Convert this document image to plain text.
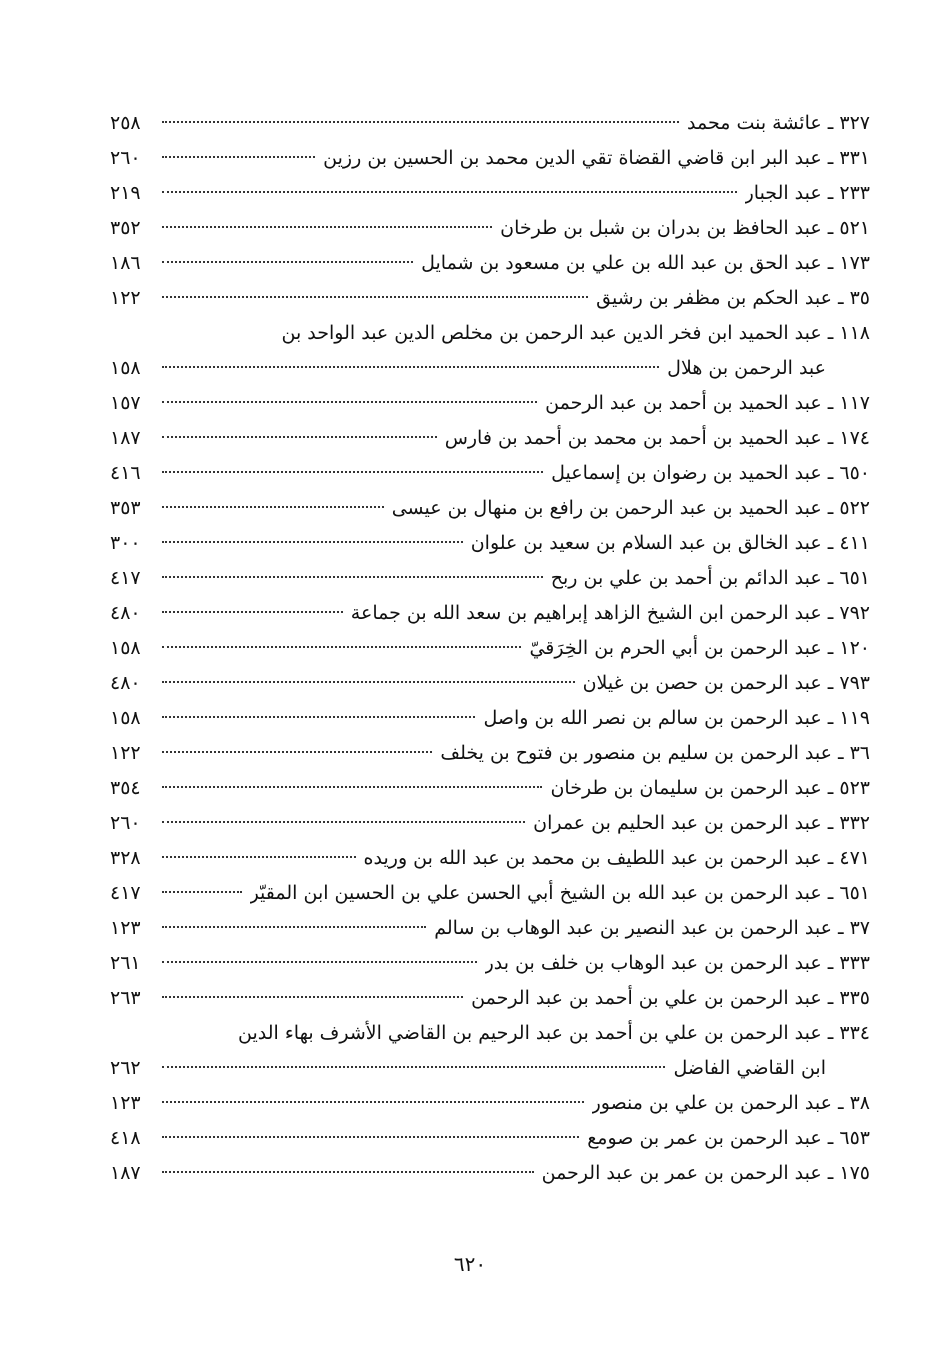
٣٢٧ ـ عائشة بنت محمد
٢٥٨
٣٣١ ـ عبد البر ابن قاضي القضاة تقي الدين محمد بن الحسين بن رزين
٢٦٠
٢٣٣ ـ عبد الجبار
٢١٩
٥٢١ ـ عبد الحافظ بن بدران بن شبل بن طرخان
٣٥٢
١٧٣ ـ عبد الحق بن عبد الله بن علي بن مسعود بن شمايل
١٨٦
٣٥ ـ عبد الحكم بن مظفر بن رشيق
١٢٢
١١٨ ـ عبد الحميد ابن فخر الدين عبد الرحمن بن مخلص الدين عبد الواحد بن
عبد الرحمن بن هلال
١٥٨
١١٧ ـ عبد الحميد بن أحمد بن عبد الرحمن
١٥٧
١٧٤ ـ عبد الحميد بن أحمد بن محمد بن أحمد بن فارس
١٨٧
٦٥٠ ـ عبد الحميد بن رضوان بن إسماعيل
٤١٦
٥٢٢ ـ عبد الحميد بن عبد الرحمن بن رافع بن منهال بن عيسى
٣٥٣
٤١١ ـ عبد الخالق بن عبد السلام بن سعيد بن علوان
٣٠٠
٦٥١ ـ عبد الدائم بن أحمد بن علي بن ربح
٤١٧
٧٩٢ ـ عبد الرحمن ابن الشيخ الزاهد إبراهيم بن سعد الله بن جماعة
٤٨٠
١٢٠ ـ عبد الرحمن بن أبي الحرم بن الخِرَقيّ
١٥٨
٧٩٣ ـ عبد الرحمن بن حصن بن غيلان
٤٨٠
١١٩ ـ عبد الرحمن بن سالم بن نصر الله بن واصل
١٥٨
٣٦ ـ عبد الرحمن بن سليم بن منصور بن فتوح بن يخلف
١٢٢
٥٢٣ ـ عبد الرحمن بن سليمان بن طرخان
٣٥٤
٣٣٢ ـ عبد الرحمن بن عبد الحليم بن عمران
٢٦٠
٤٧١ ـ عبد الرحمن بن عبد اللطيف بن محمد بن عبد الله بن وريده
٣٢٨
٦٥١ ـ عبد الرحمن بن عبد الله بن الشيخ أبي الحسن علي بن الحسين ابن المقيّر
٤١٧
٣٧ ـ عبد الرحمن بن عبد النصير بن عبد الوهاب بن سالم
١٢٣
٣٣٣ ـ عبد الرحمن بن عبد الوهاب بن خلف بن بدر
٢٦١
٣٣٥ ـ عبد الرحمن بن علي بن أحمد بن عبد الرحمن
٢٦٣
٣٣٤ ـ عبد الرحمن بن علي بن أحمد بن عبد الرحيم بن القاضي الأشرف بهاء الدين
ابن القاضي الفاضل
٢٦٢
٣٨ ـ عبد الرحمن بن علي بن منصور
١٢٣
٦٥٣ ـ عبد الرحمن بن عمر بن صومع
٤١٨
١٧٥ ـ عبد الرحمن بن عمر بن عبد الرحمن
١٨٧
٦٢٠
